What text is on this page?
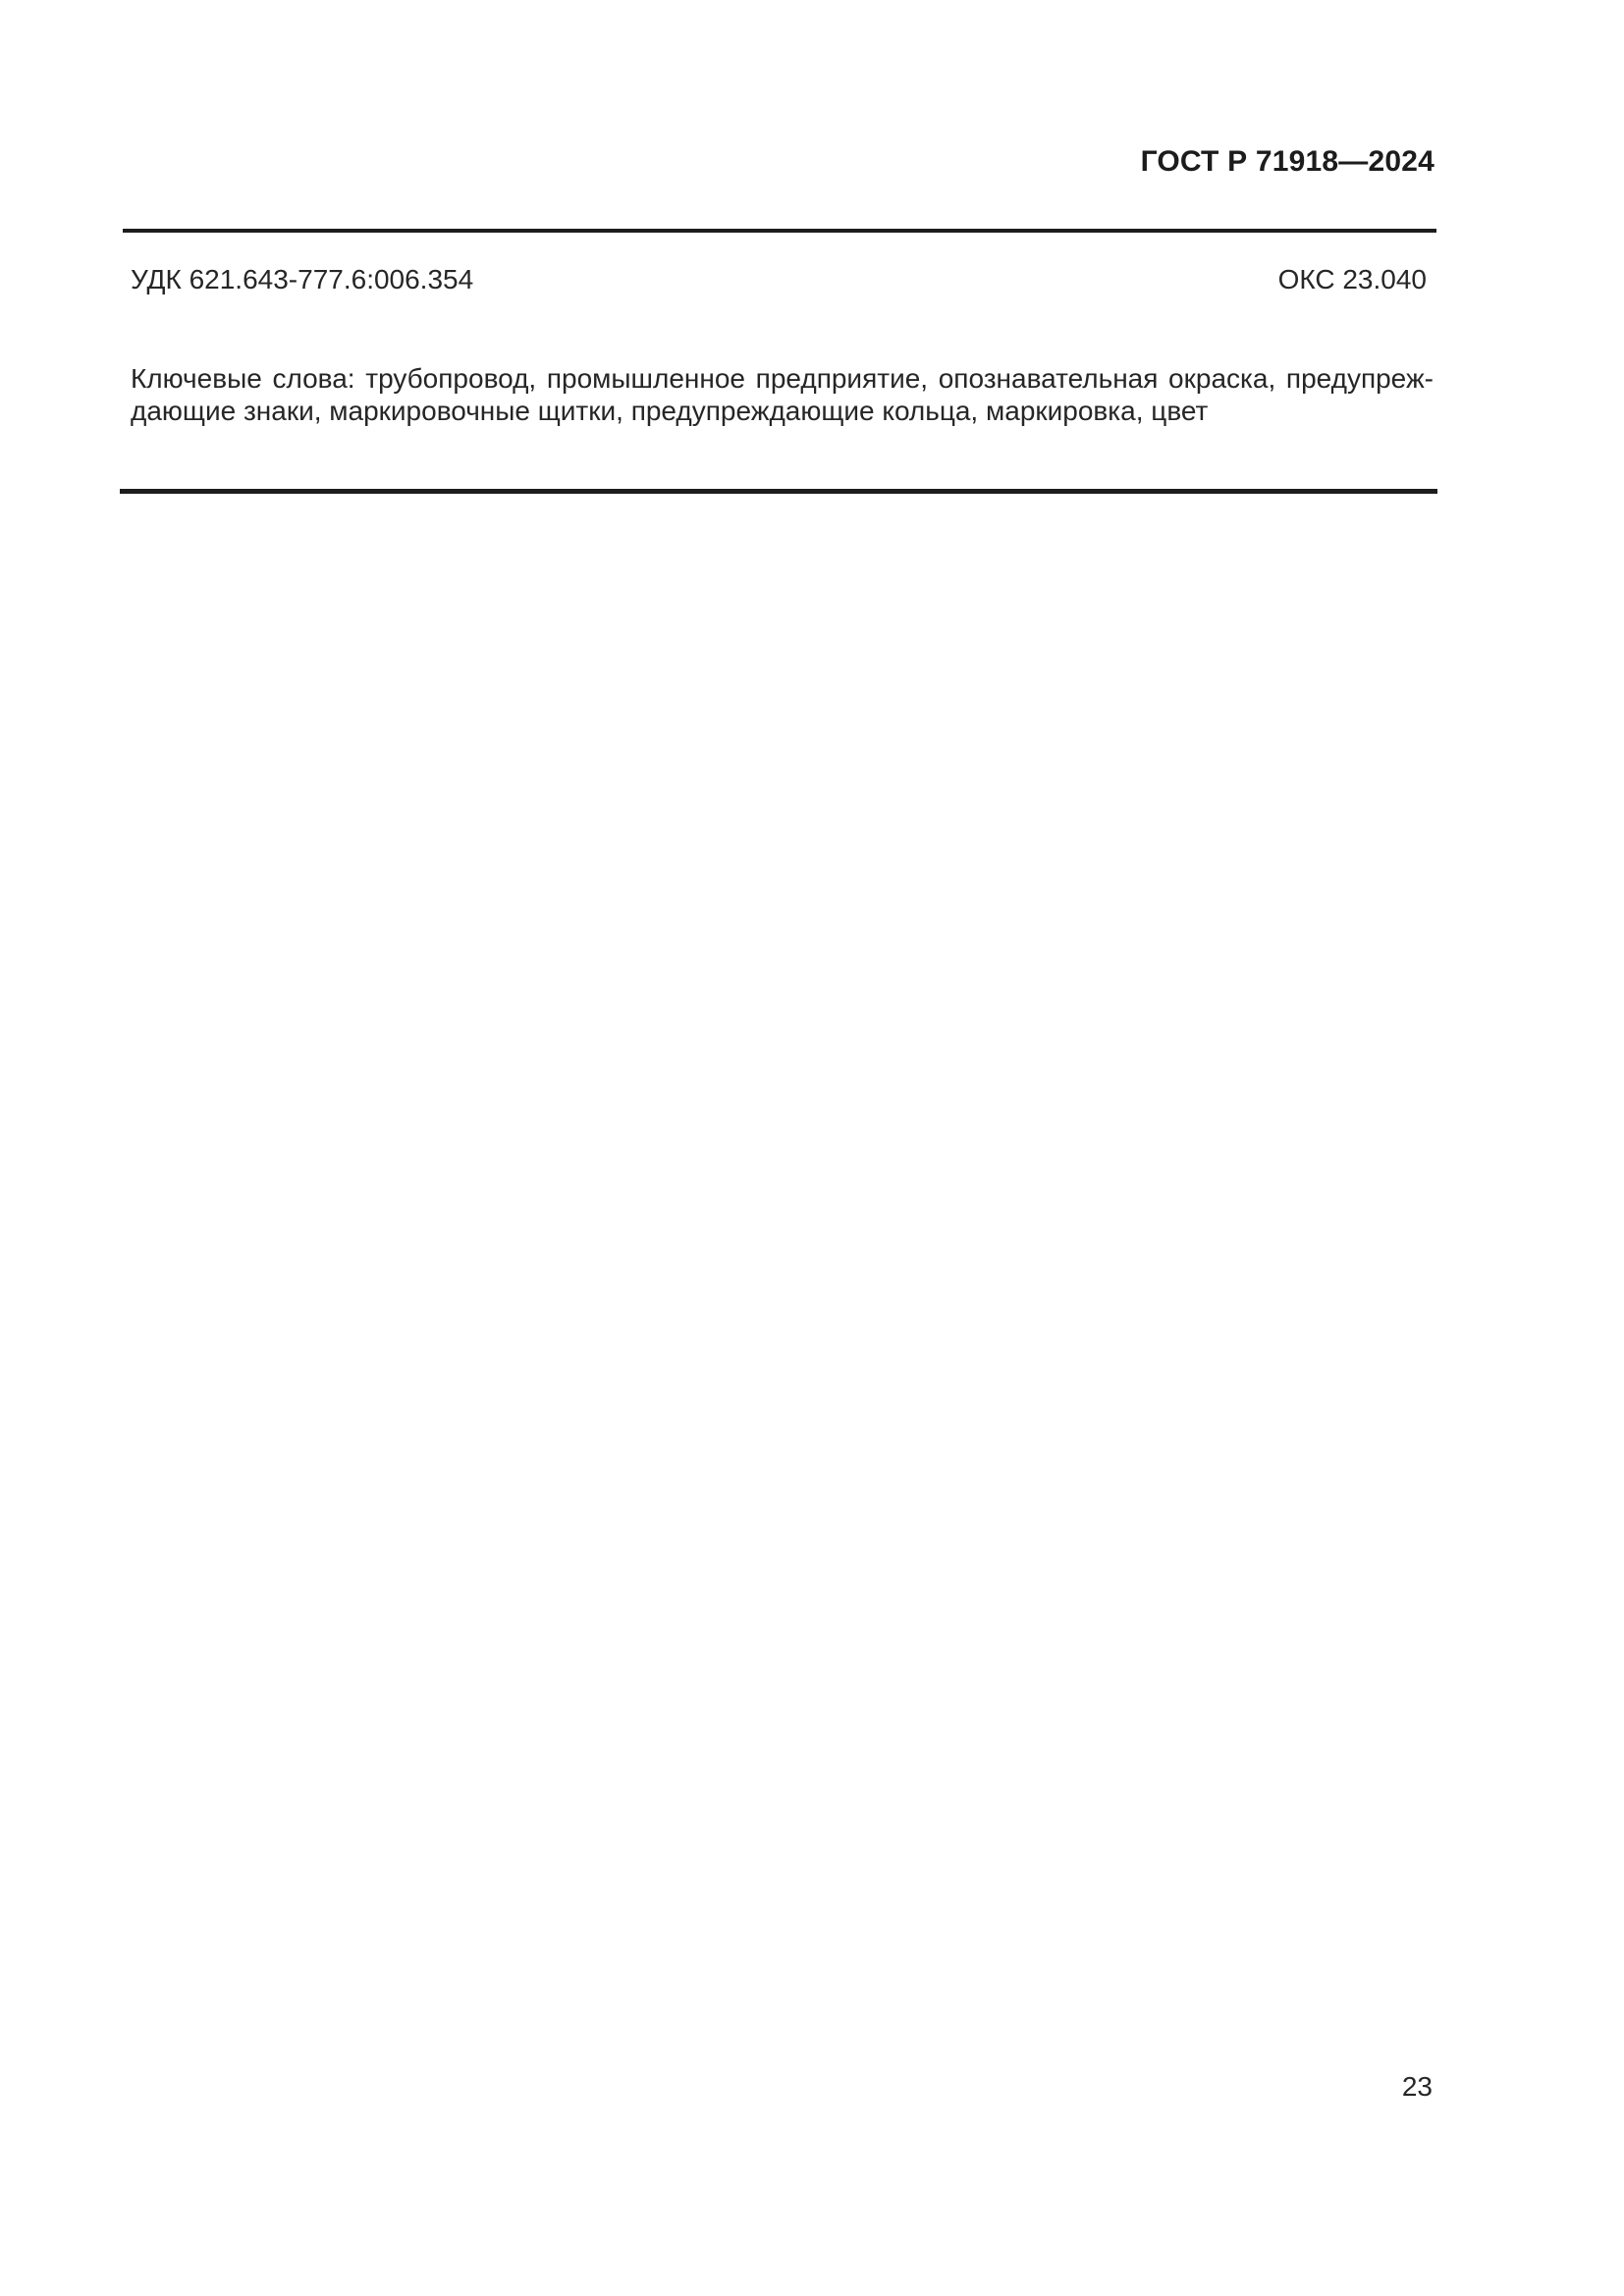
ГОСТ Р 71918—2024
УДК 621.643-777.6:006.354	ОКС 23.040
Ключевые слова: трубопровод, промышленное предприятие, опознавательная окраска, предупреж-
дающие знаки, маркировочные щитки, предупреждающие кольца, маркировка, цвет
23
